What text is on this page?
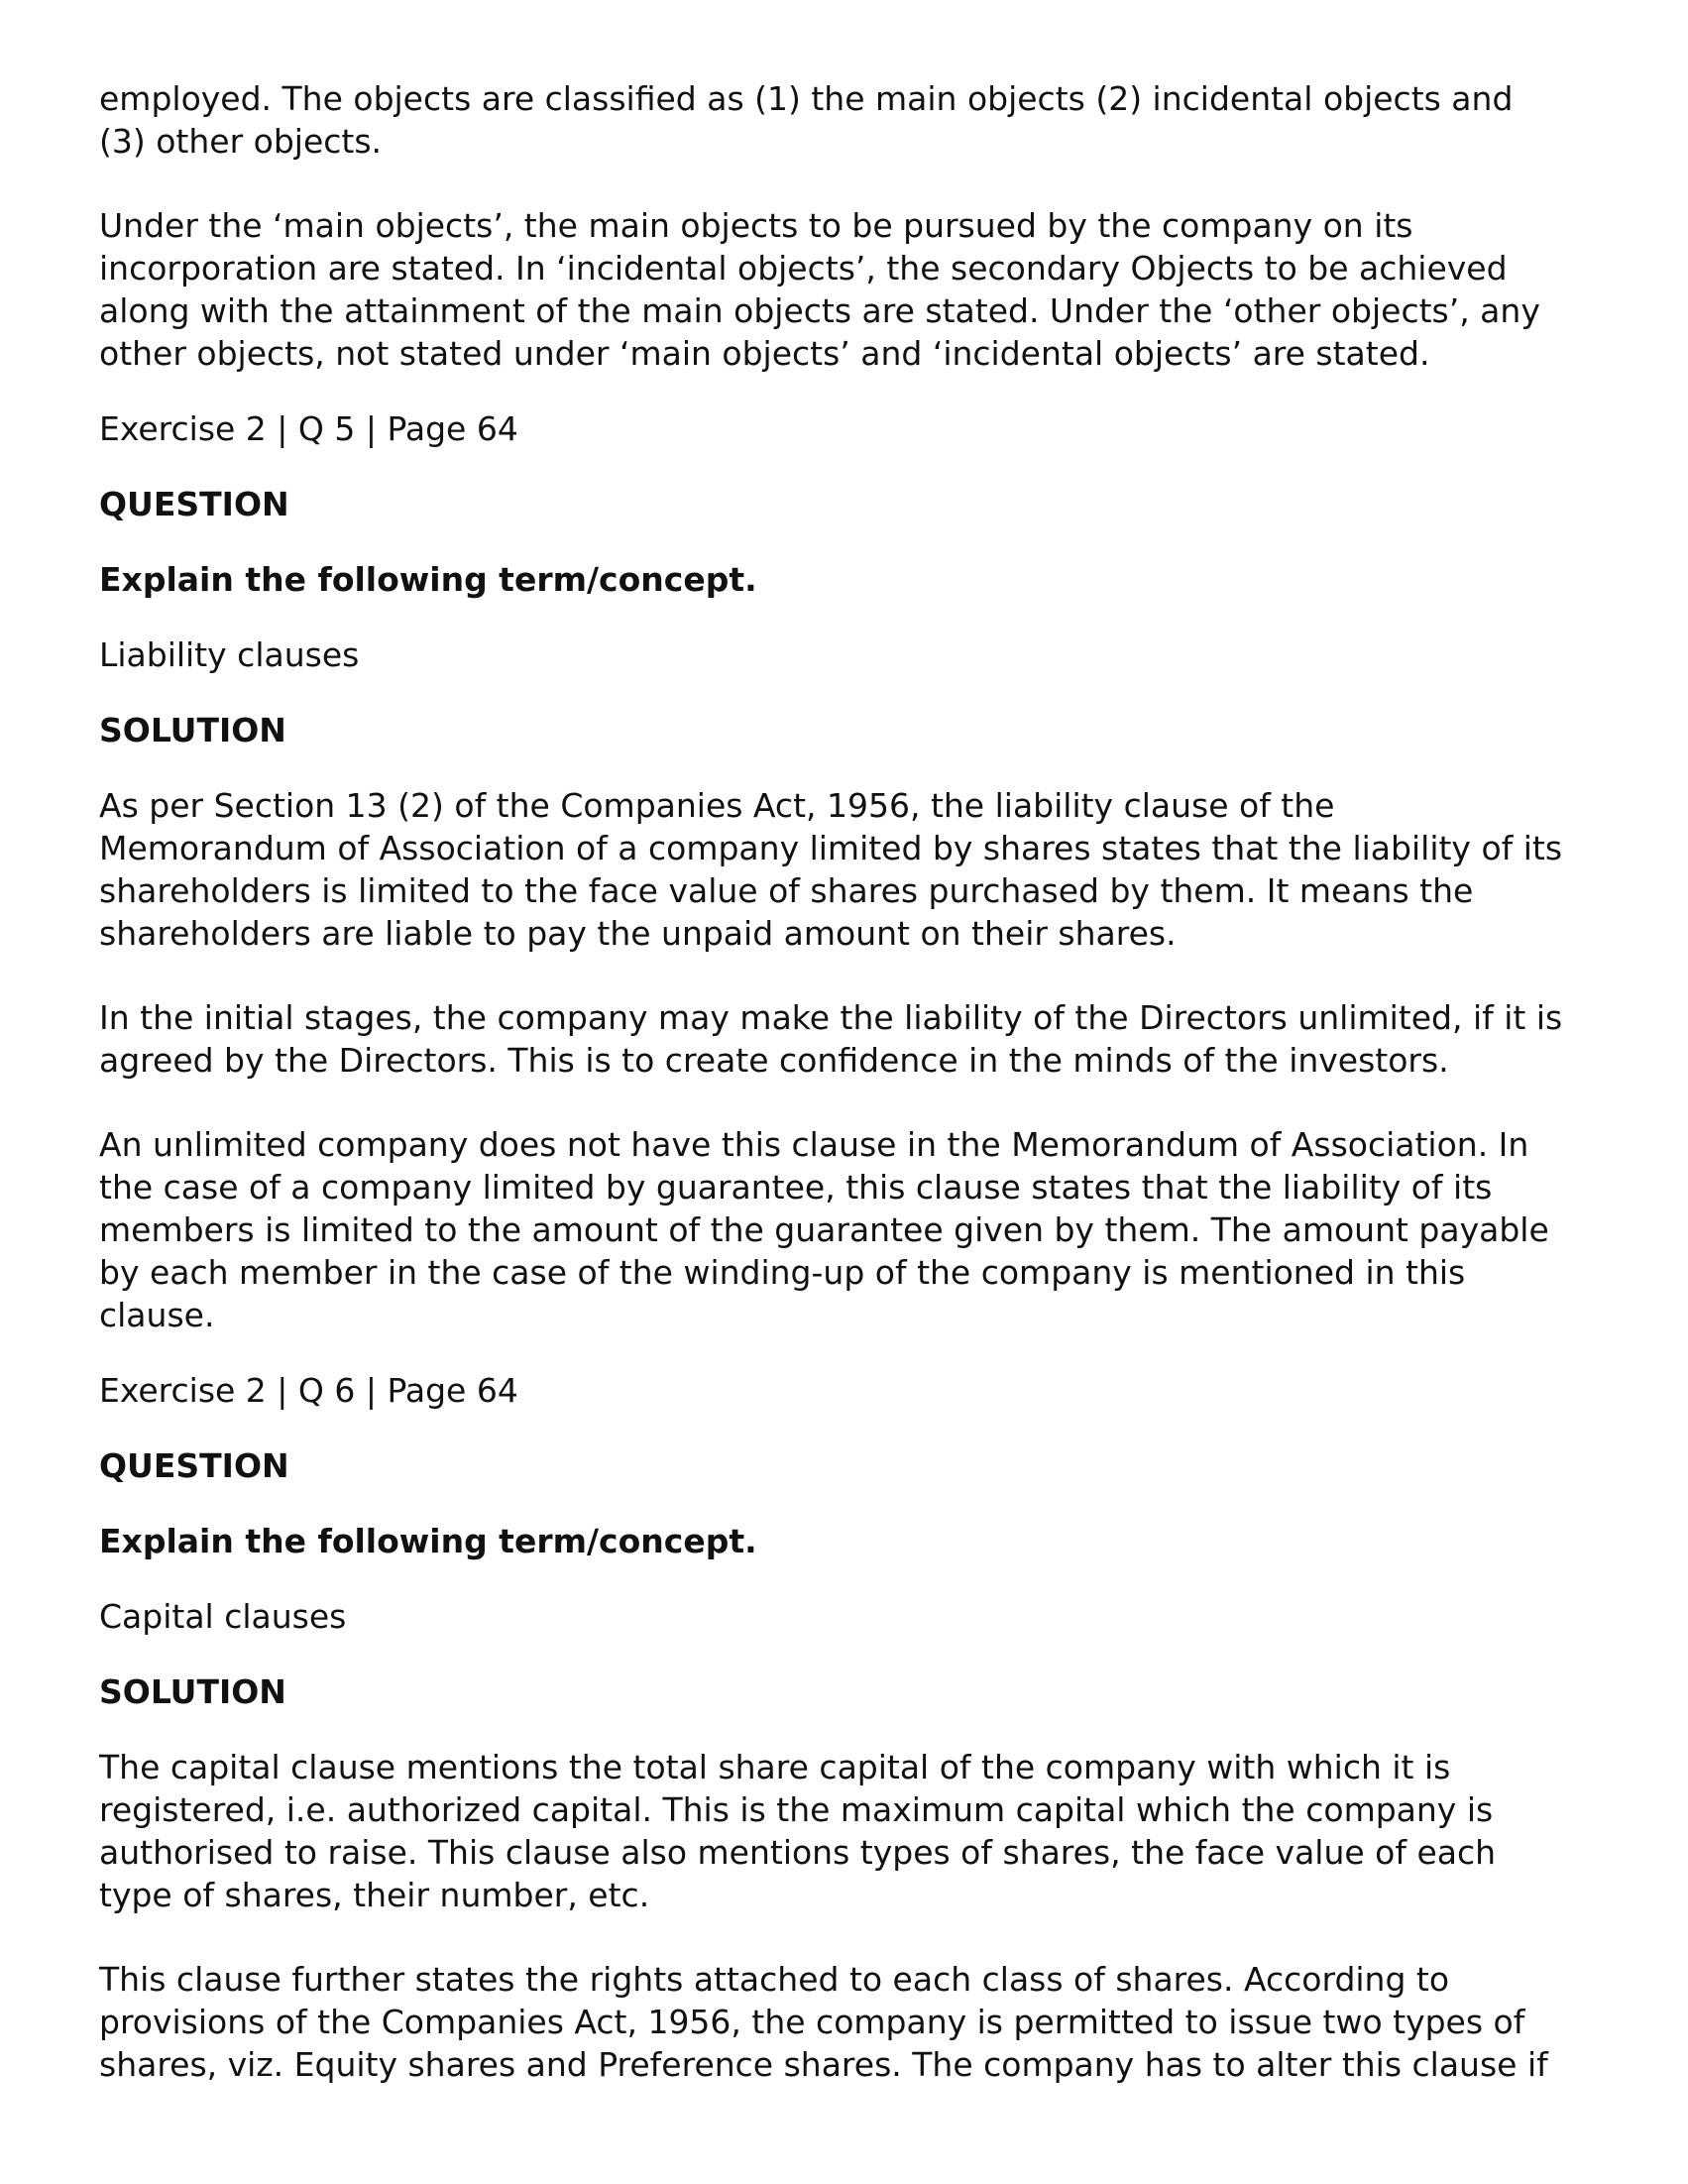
employed. The objects are classified as (1) the main objects (2) incidental objects and
(3) other objects.
Under the ‘main objects’, the main objects to be pursued by the company on its
incorporation are stated. In ‘incidental objects’, the secondary Objects to be achieved
along with the attainment of the main objects are stated. Under the ‘other objects’, any
other objects, not stated under ‘main objects’ and ‘incidental objects’ are stated.
Exercise 2 | Q 5 | Page 64
QUESTION
Explain the following term/concept.
Liability clauses
SOLUTION
As per Section 13 (2) of the Companies Act, 1956, the liability clause of the
Memorandum of Association of a company limited by shares states that the liability of its
shareholders is limited to the face value of shares purchased by them. It means the
shareholders are liable to pay the unpaid amount on their shares.
In the initial stages, the company may make the liability of the Directors unlimited, if it is
agreed by the Directors. This is to create confidence in the minds of the investors.
An unlimited company does not have this clause in the Memorandum of Association. In
the case of a company limited by guarantee, this clause states that the liability of its
members is limited to the amount of the guarantee given by them. The amount payable
by each member in the case of the winding-up of the company is mentioned in this
clause.
Exercise 2 | Q 6 | Page 64
QUESTION
Explain the following term/concept.
Capital clauses
SOLUTION
The capital clause mentions the total share capital of the company with which it is
registered, i.e. authorized capital. This is the maximum capital which the company is
authorised to raise. This clause also mentions types of shares, the face value of each
type of shares, their number, etc.
This clause further states the rights attached to each class of shares. According to
provisions of the Companies Act, 1956, the company is permitted to issue two types of
shares, viz. Equity shares and Preference shares. The company has to alter this clause if
